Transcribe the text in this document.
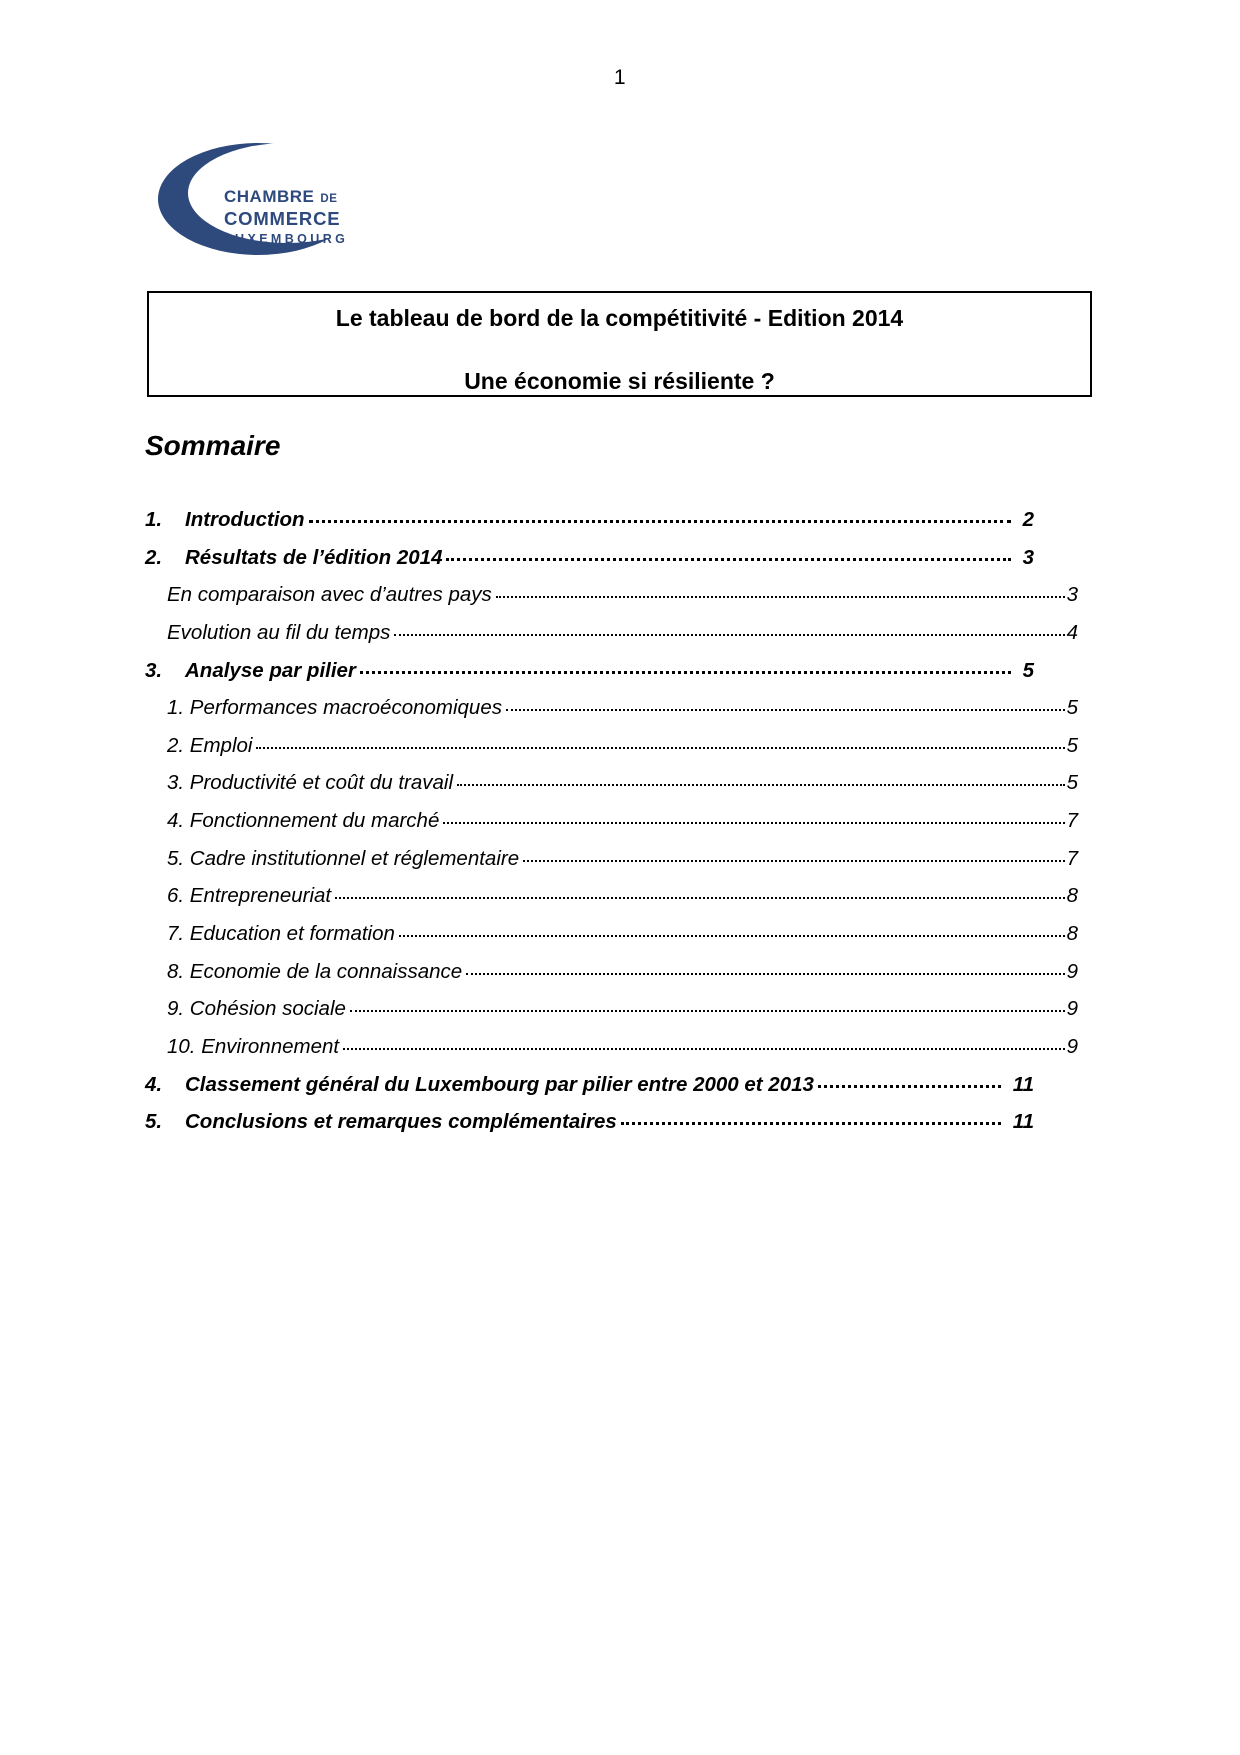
1
CHAMBRE DE
COMMERCE
LUXEMBOURG
Le tableau de bord de la compétitivité - Edition 2014
Une économie si résiliente ?
Sommaire
1.	Introduction	2
2.	Résultats de l’édition 2014	3
En comparaison avec d’autres pays	3
Evolution au fil du temps	4
3.	Analyse par pilier	5
1. Performances macroéconomiques	5
2. Emploi	5
3. Productivité et coût du travail	5
4. Fonctionnement du marché	7
5. Cadre institutionnel et réglementaire	7
6. Entrepreneuriat	8
7. Education et formation	8
8. Economie de la connaissance	9
9. Cohésion sociale	9
10. Environnement	9
4.	Classement général du Luxembourg par pilier entre 2000 et 2013	11
5.	Conclusions et remarques complémentaires	11
